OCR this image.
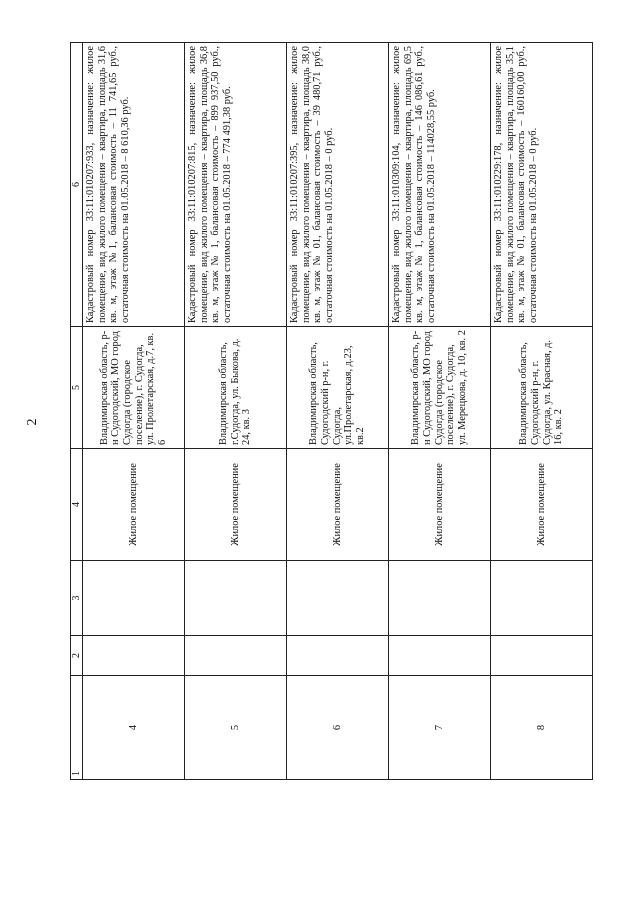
2
1	2	3	4	5	6
4			Жилое помещение	Владимирская область, р-н Судогодский, МО город Судогда (городское поселение), г. Судогда, ул. Пролетарская, д.7, кв. 6	Кадастровый номер 33:11:010207:933, назначение: жилое помещение, вид жилого помещения – квартира, площадь 31,6 кв. м, этаж №1, балансовая стоимость – 11 741,65 руб., остаточная стоимость на 01.05.2018 – 8 610,36 руб.
5			Жилое помещение	Владимирская область, г.Судогда, ул. Быкова, д. 24, кв. 3	Кадастровый номер 33:11:010207:815, назначение: жилое помещение, вид жилого помещения – квартира, площадь 36,8 кв. м, этаж № 1, балансовая стоимость – 899 937,50 руб., остаточная стоимость на 01.05.2018 – 774 491,38 руб.
6			Жилое помещение	Владимирская область, Судогодский р-н, г. Судогда, ул.Пролетарская, д.23, кв.2	Кадастровый номер 33:11:010207:395, назначение: жилое помещение, вид жилого помещения – квартира, площадь 38,0 кв. м, этаж № 01, балансовая стоимость – 39 480,71 руб., остаточная стоимость на 01.05.2018 – 0 руб.
7			Жилое помещение	Владимирская область, р-н Судогодский, МО город Судогда (городское поселение), г. Судогда, ул. Мерецкова, д. 10, кв. 2	Кадастровый номер 33:11:010309:104, назначение: жилое помещение, вид жилого помещения – квартира, площадь 69,5 кв. м, этаж № 1, балансовая стоимость – 146 086,61 руб., остаточная стоимость на 01.05.2018 – 114028,55 руб.
8			Жилое помещение	Владимирская область, Судогодский р-н, г. Судогда, ул. Красная, д. 16, кв. 2	Кадастровый номер 33:11:010229:178, назначение: жилое помещение, вид жилого помещения – квартира, площадь 35,1 кв. м, этаж № 01, балансовая стоимость – 160160,00 руб., остаточная стоимость на 01.05.2018 – 0 руб.
